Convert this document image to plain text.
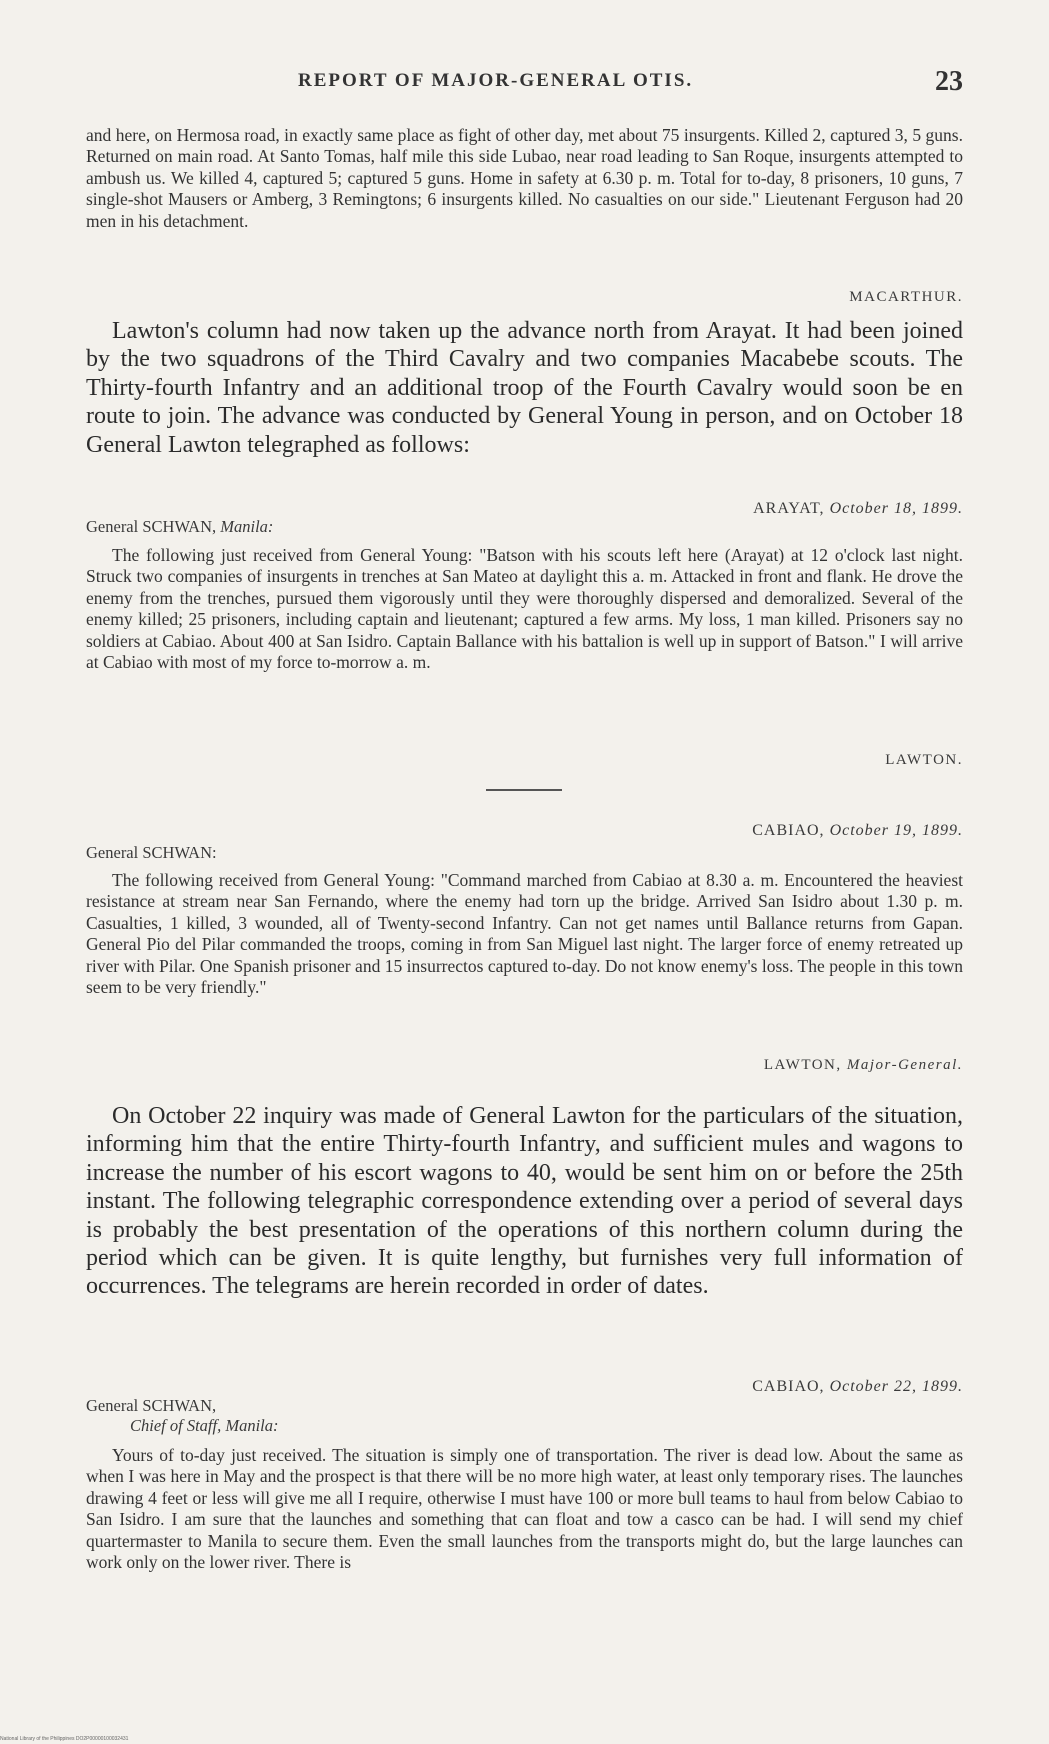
REPORT OF MAJOR-GENERAL OTIS.	23
and here, on Hermosa road, in exactly same place as fight of other day, met about 75 insurgents. Killed 2, captured 3, 5 guns. Returned on main road. At Santo Tomas, half mile this side Lubao, near road leading to San Roque, insurgents attempted to ambush us. We killed 4, captured 5; captured 5 guns. Home in safety at 6.30 p. m. Total for to-day, 8 prisoners, 10 guns, 7 single-shot Mausers or Amberg, 3 Remingtons; 6 insurgents killed. No casualties on our side." Lieutenant Ferguson had 20 men in his detachment.
MACARTHUR.
Lawton's column had now taken up the advance north from Arayat. It had been joined by the two squadrons of the Third Cavalry and two companies Macabebe scouts. The Thirty-fourth Infantry and an additional troop of the Fourth Cavalry would soon be en route to join. The advance was conducted by General Young in person, and on October 18 General Lawton telegraphed as follows:
ARAYAT, October 18, 1899.
General SCHWAN, Manila:
The following just received from General Young: "Batson with his scouts left here (Arayat) at 12 o'clock last night. Struck two companies of insurgents in trenches at San Mateo at daylight this a. m. Attacked in front and flank. He drove the enemy from the trenches, pursued them vigorously until they were thoroughly dispersed and demoralized. Several of the enemy killed; 25 prisoners, including captain and lieutenant; captured a few arms. My loss, 1 man killed. Prisoners say no soldiers at Cabiao. About 400 at San Isidro. Captain Ballance with his battalion is well up in support of Batson." I will arrive at Cabiao with most of my force to-morrow a. m.
LAWTON.
CABIAO, October 19, 1899.
General SCHWAN:
The following received from General Young: "Command marched from Cabiao at 8.30 a. m. Encountered the heaviest resistance at stream near San Fernando, where the enemy had torn up the bridge. Arrived San Isidro about 1.30 p. m. Casualties, 1 killed, 3 wounded, all of Twenty-second Infantry. Can not get names until Ballance returns from Gapan. General Pio del Pilar commanded the troops, coming in from San Miguel last night. The larger force of enemy retreated up river with Pilar. One Spanish prisoner and 15 insurrectos captured to-day. Do not know enemy's loss. The people in this town seem to be very friendly."
LAWTON, Major-General.
On October 22 inquiry was made of General Lawton for the particulars of the situation, informing him that the entire Thirty-fourth Infantry, and sufficient mules and wagons to increase the number of his escort wagons to 40, would be sent him on or before the 25th instant. The following telegraphic correspondence extending over a period of several days is probably the best presentation of the operations of this northern column during the period which can be given. It is quite lengthy, but furnishes very full information of occurrences. The telegrams are herein recorded in order of dates.
CABIAO, October 22, 1899.
General SCHWAN,
Chief of Staff, Manila:
Yours of to-day just received. The situation is simply one of transportation. The river is dead low. About the same as when I was here in May and the prospect is that there will be no more high water, at least only temporary rises. The launches drawing 4 feet or less will give me all I require, otherwise I must have 100 or more bull teams to haul from below Cabiao to San Isidro. I am sure that the launches and something that can float and tow a casco can be had. I will send my chief quartermaster to Manila to secure them. Even the small launches from the transports might do, but the large launches can work only on the lower river. There is
National Library of the Philippines DO2P00000100032431
